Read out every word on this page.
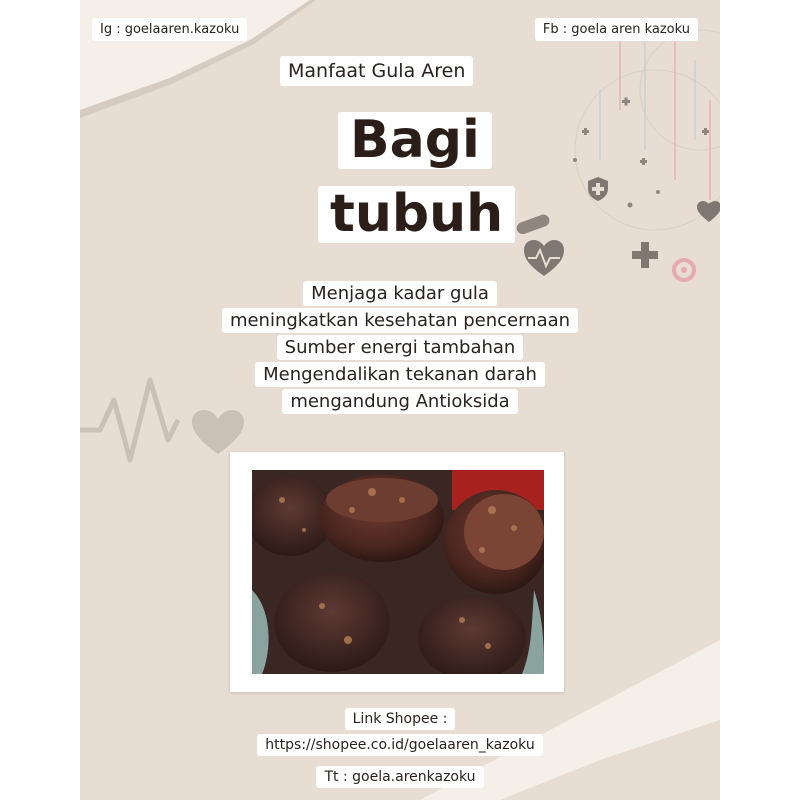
Ig : goelaaren.kazoku	Fb : goela aren kazoku
Manfaat Gula Aren
Bagi
tubuh
Menjaga kadar gula
meningkatkan kesehatan pencernaan
Sumber energi tambahan
Mengendalikan tekanan darah
mengandung Antioksida
Link Shopee :
https://shopee.co.id/goelaaren_kazoku
Tt : goela.arenkazoku
